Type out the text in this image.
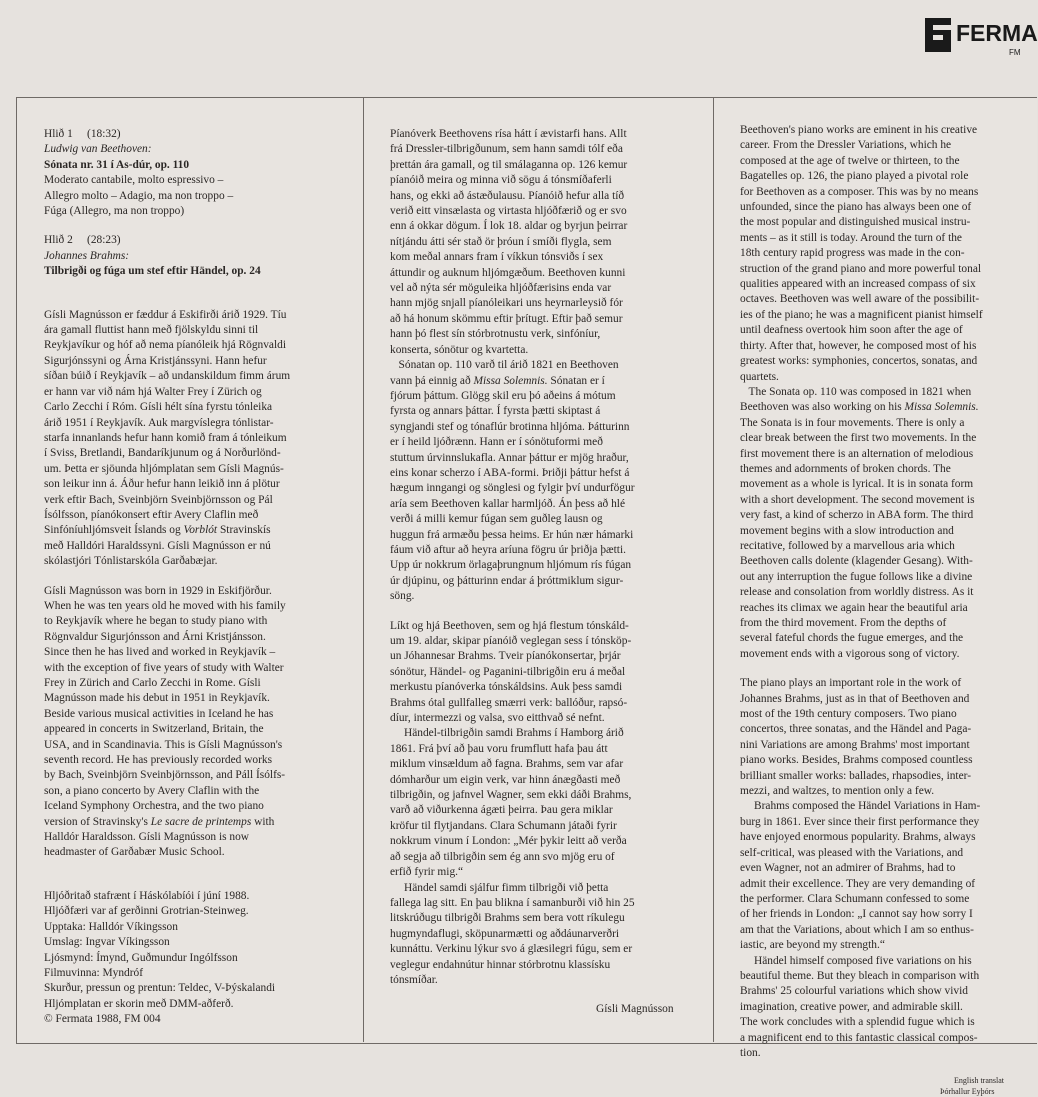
FERMA
FM

Hlið 1 (18:32)

Ludwig van Beethoven:

Sónata nr. 31 í As-dúr, op. 110

Moderato cantabile, molto espressivo –
Allegro molto – Adagio, ma non troppo –
Fúga (Allegro, ma non troppo)

Hlið 2 (28:23)

Johannes Brahms:

Tilbrigði og fúga um stef eftir Händel, op. 24

Gísli Magnússon er fæddur á Eskifirði árið 1929. Tíu
ára gamall fluttist hann með fjölskyldu sinni til
Reykjavíkur og hóf að nema píanóleik hjá Rögnvaldi
Sigurjónssyni og Árna Kristjánssyni. Hann hefur
síðan búið í Reykjavík – að undanskildum fimm árum
er hann var við nám hjá Walter Frey í Zürich og
Carlo Zecchi í Róm. Gísli hélt sína fyrstu tónleika
árið 1951 í Reykjavík. Auk margvíslegra tónlistar-
starfa innanlands hefur hann komið fram á tónleikum
í Sviss, Bretlandi, Bandaríkjunum og á Norðurlönd-
um. Þetta er sjöunda hljómplatan sem Gísli Magnús-
son leikur inn á. Áður hefur hann leikið inn á plötur
verk eftir Bach, Sveinbjörn Sveinbjörnsson og Pál
Ísólfsson, píanókonsert eftir Avery Claflin með
Sinfóníuhljómsveit Íslands og Vorblót Stravinskís
með Halldóri Haraldssyni. Gísli Magnússon er nú
skólastjóri Tónlistarskóla Garðabæjar.

Gísli Magnússon was born in 1929 in Eskifjörður.
When he was ten years old he moved with his family
to Reykjavík where he began to study piano with
Rögnvaldur Sigurjónsson and Árni Kristjánsson.
Since then he has lived and worked in Reykjavík –
with the exception of five years of study with Walter
Frey in Zürich and Carlo Zecchi in Rome. Gísli
Magnússon made his debut in 1951 in Reykjavík.
Beside various musical activities in Iceland he has
appeared in concerts in Switzerland, Britain, the
USA, and in Scandinavia. This is Gísli Magnússon's
seventh record. He has previously recorded works
by Bach, Sveinbjörn Sveinbjörnsson, and Páll Ísólfs-
son, a piano concerto by Avery Claflin with the
Iceland Symphony Orchestra, and the two piano
version of Stravinsky's Le sacre de printemps with
Halldór Haraldsson. Gísli Magnússon is now
headmaster of Garðabær Music School.

Hljóðritað stafrænt í Háskólabíói í júní 1988.
Hljóðfæri var af gerðinni Grotrian-Steinweg.
Upptaka: Halldór Víkingsson
Umslag: Ingvar Víkingsson
Ljósmynd: Ímynd, Guðmundur Ingólfsson
Filmuvinna: Myndróf
Skurður, pressun og prentun: Teldec, V-Þýskalandi
Hljómplatan er skorin með DMM-aðferð.
© Fermata 1988, FM 004

Píanóverk Beethovens rísa hátt í ævistarfi hans. Allt
frá Dressler-tilbrigðunum, sem hann samdi tólf eða
þrettán ára gamall, og til smálaganna op. 126 kemur
píanóið meira og minna við sögu á tónsmíðaferli
hans, og ekki að ástæðulausu. Píanóið hefur alla tíð
verið eitt vinsælasta og virtasta hljóðfærið og er svo
enn á okkar dögum. Í lok 18. aldar og byrjun þeirrar
nítjándu átti sér stað ör þróun í smíði flygla, sem
kom meðal annars fram í víkkun tónsviðs í sex
áttundir og auknum hljómgæðum. Beethoven kunni
vel að nýta sér möguleika hljóðfærisins enda var
hann mjög snjall píanóleikari uns heyrnarleysið fór
að há honum skömmu eftir þrítugt. Eftir það semur
hann þó flest sín stórbrotnustu verk, sinfóníur,
konserta, sónötur og kvartetta.

Sónatan op. 110 varð til árið 1821 en Beethoven
vann þá einnig að Missa Solemnis. Sónatan er í
fjórum þáttum. Glögg skil eru þó aðeins á mótum
fyrsta og annars þáttar. Í fyrsta þætti skiptast á
syngjandi stef og tónaflúr brotinna hljóma. Þátturinn
er í heild ljóðrænn. Hann er í sónötuformi með
stuttum úrvinnslukafla. Annar þáttur er mjög hraður,
eins konar scherzo í ABA-formi. Þriðji þáttur hefst á
hægum inngangi og sönglesi og fylgir því undurfögur
aría sem Beethoven kallar harmljóð. Án þess að hlé
verði á milli kemur fúgan sem guðleg lausn og
huggun frá armæðu þessa heims. Er hún nær hámarki
fáum við aftur að heyra aríuna fögru úr þriðja þætti.
Upp úr nokkrum örlagaþrungnum hljómum rís fúgan
úr djúpinu, og þátturinn endar á þróttmiklum sigur-
söng.

Líkt og hjá Beethoven, sem og hjá flestum tónskáld-
um 19. aldar, skipar píanóið veglegan sess í tónsköp-
un Jóhannesar Brahms. Tveir píanókonsertar, þrjár
sónötur, Händel- og Paganini-tilbrigðin eru á meðal
merkustu píanóverka tónskáldsins. Auk þess samdi
Brahms ótal gullfalleg smærri verk: ballóður, rapsó-
díur, intermezzi og valsa, svo eitthvað sé nefnt.

Händel-tilbrigðin samdi Brahms í Hamborg árið
1861. Frá því að þau voru frumflutt hafa þau átt
miklum vinsældum að fagna. Brahms, sem var afar
dómharður um eigin verk, var hinn ánægðasti með
tilbrigðin, og jafnvel Wagner, sem ekki dáði Brahms,
varð að viðurkenna ágæti þeirra. Þau gera miklar
kröfur til flytjandans. Clara Schumann játaði fyrir
nokkrum vinum í London: „Mér þykir leitt að verða
að segja að tilbrigðin sem ég ann svo mjög eru of
erfið fyrir mig.“

Händel samdi sjálfur fimm tilbrigði við þetta
fallega lag sitt. En þau blikna í samanburði við hin 25
litskrúðugu tilbrigði Brahms sem bera vott ríkulegu
hugmyndaflugi, sköpunarmætti og aðdáunarverðri
kunnáttu. Verkinu lýkur svo á glæsilegri fúgu, sem er
veglegur endahnútur hinnar stórbrotnu klassísku
tónsmíðar.

Gísli Magnússon

Beethoven's piano works are eminent in his creative
career. From the Dressler Variations, which he
composed at the age of twelve or thirteen, to the
Bagatelles op. 126, the piano played a pivotal role
for Beethoven as a composer. This was by no means
unfounded, since the piano has always been one of
the most popular and distinguished musical instru-
ments – as it still is today. Around the turn of the
18th century rapid progress was made in the con-
struction of the grand piano and more powerful tonal
qualities appeared with an increased compass of six
octaves. Beethoven was well aware of the possibilit-
ies of the piano; he was a magnificent pianist himself
until deafness overtook him soon after the age of
thirty. After that, however, he composed most of his
greatest works: symphonies, concertos, sonatas, and
quartets.

The Sonata op. 110 was composed in 1821 when
Beethoven was also working on his Missa Solemnis.
The Sonata is in four movements. There is only a
clear break between the first two movements. In the
first movement there is an alternation of melodious
themes and adornments of broken chords. The
movement as a whole is lyrical. It is in sonata form
with a short development. The second movement is
very fast, a kind of scherzo in ABA form. The third
movement begins with a slow introduction and
recitative, followed by a marvellous aria which
Beethoven calls dolente (klagender Gesang). With-
out any interruption the fugue follows like a divine
release and consolation from worldly distress. As it
reaches its climax we again hear the beautiful aria
from the third movement. From the depths of
several fateful chords the fugue emerges, and the
movement ends with a vigorous song of victory.

The piano plays an important role in the work of
Johannes Brahms, just as in that of Beethoven and
most of the 19th century composers. Two piano
concertos, three sonatas, and the Händel and Paga-
nini Variations are among Brahms' most important
piano works. Besides, Brahms composed countless
brilliant smaller works: ballades, rhapsodies, inter-
mezzi, and waltzes, to mention only a few.

Brahms composed the Händel Variations in Ham-
burg in 1861. Ever since their first performance they
have enjoyed enormous popularity. Brahms, always
self-critical, was pleased with the Variations, and
even Wagner, not an admirer of Brahms, had to
admit their excellence. They are very demanding of
the performer. Clara Schumann confessed to some
of her friends in London: „I cannot say how sorry I
am that the Variations, about which I am so enthus-
iastic, are beyond my strength.“

Händel himself composed five variations on his
beautiful theme. But they bleach in comparison with
Brahms' 25 colourful variations which show vivid
imagination, creative power, and admirable skill.
The work concludes with a splendid fugue which is
a magnificent end to this fantastic classical compos-
tion.

English translat

Þórhallur Eyþórs
